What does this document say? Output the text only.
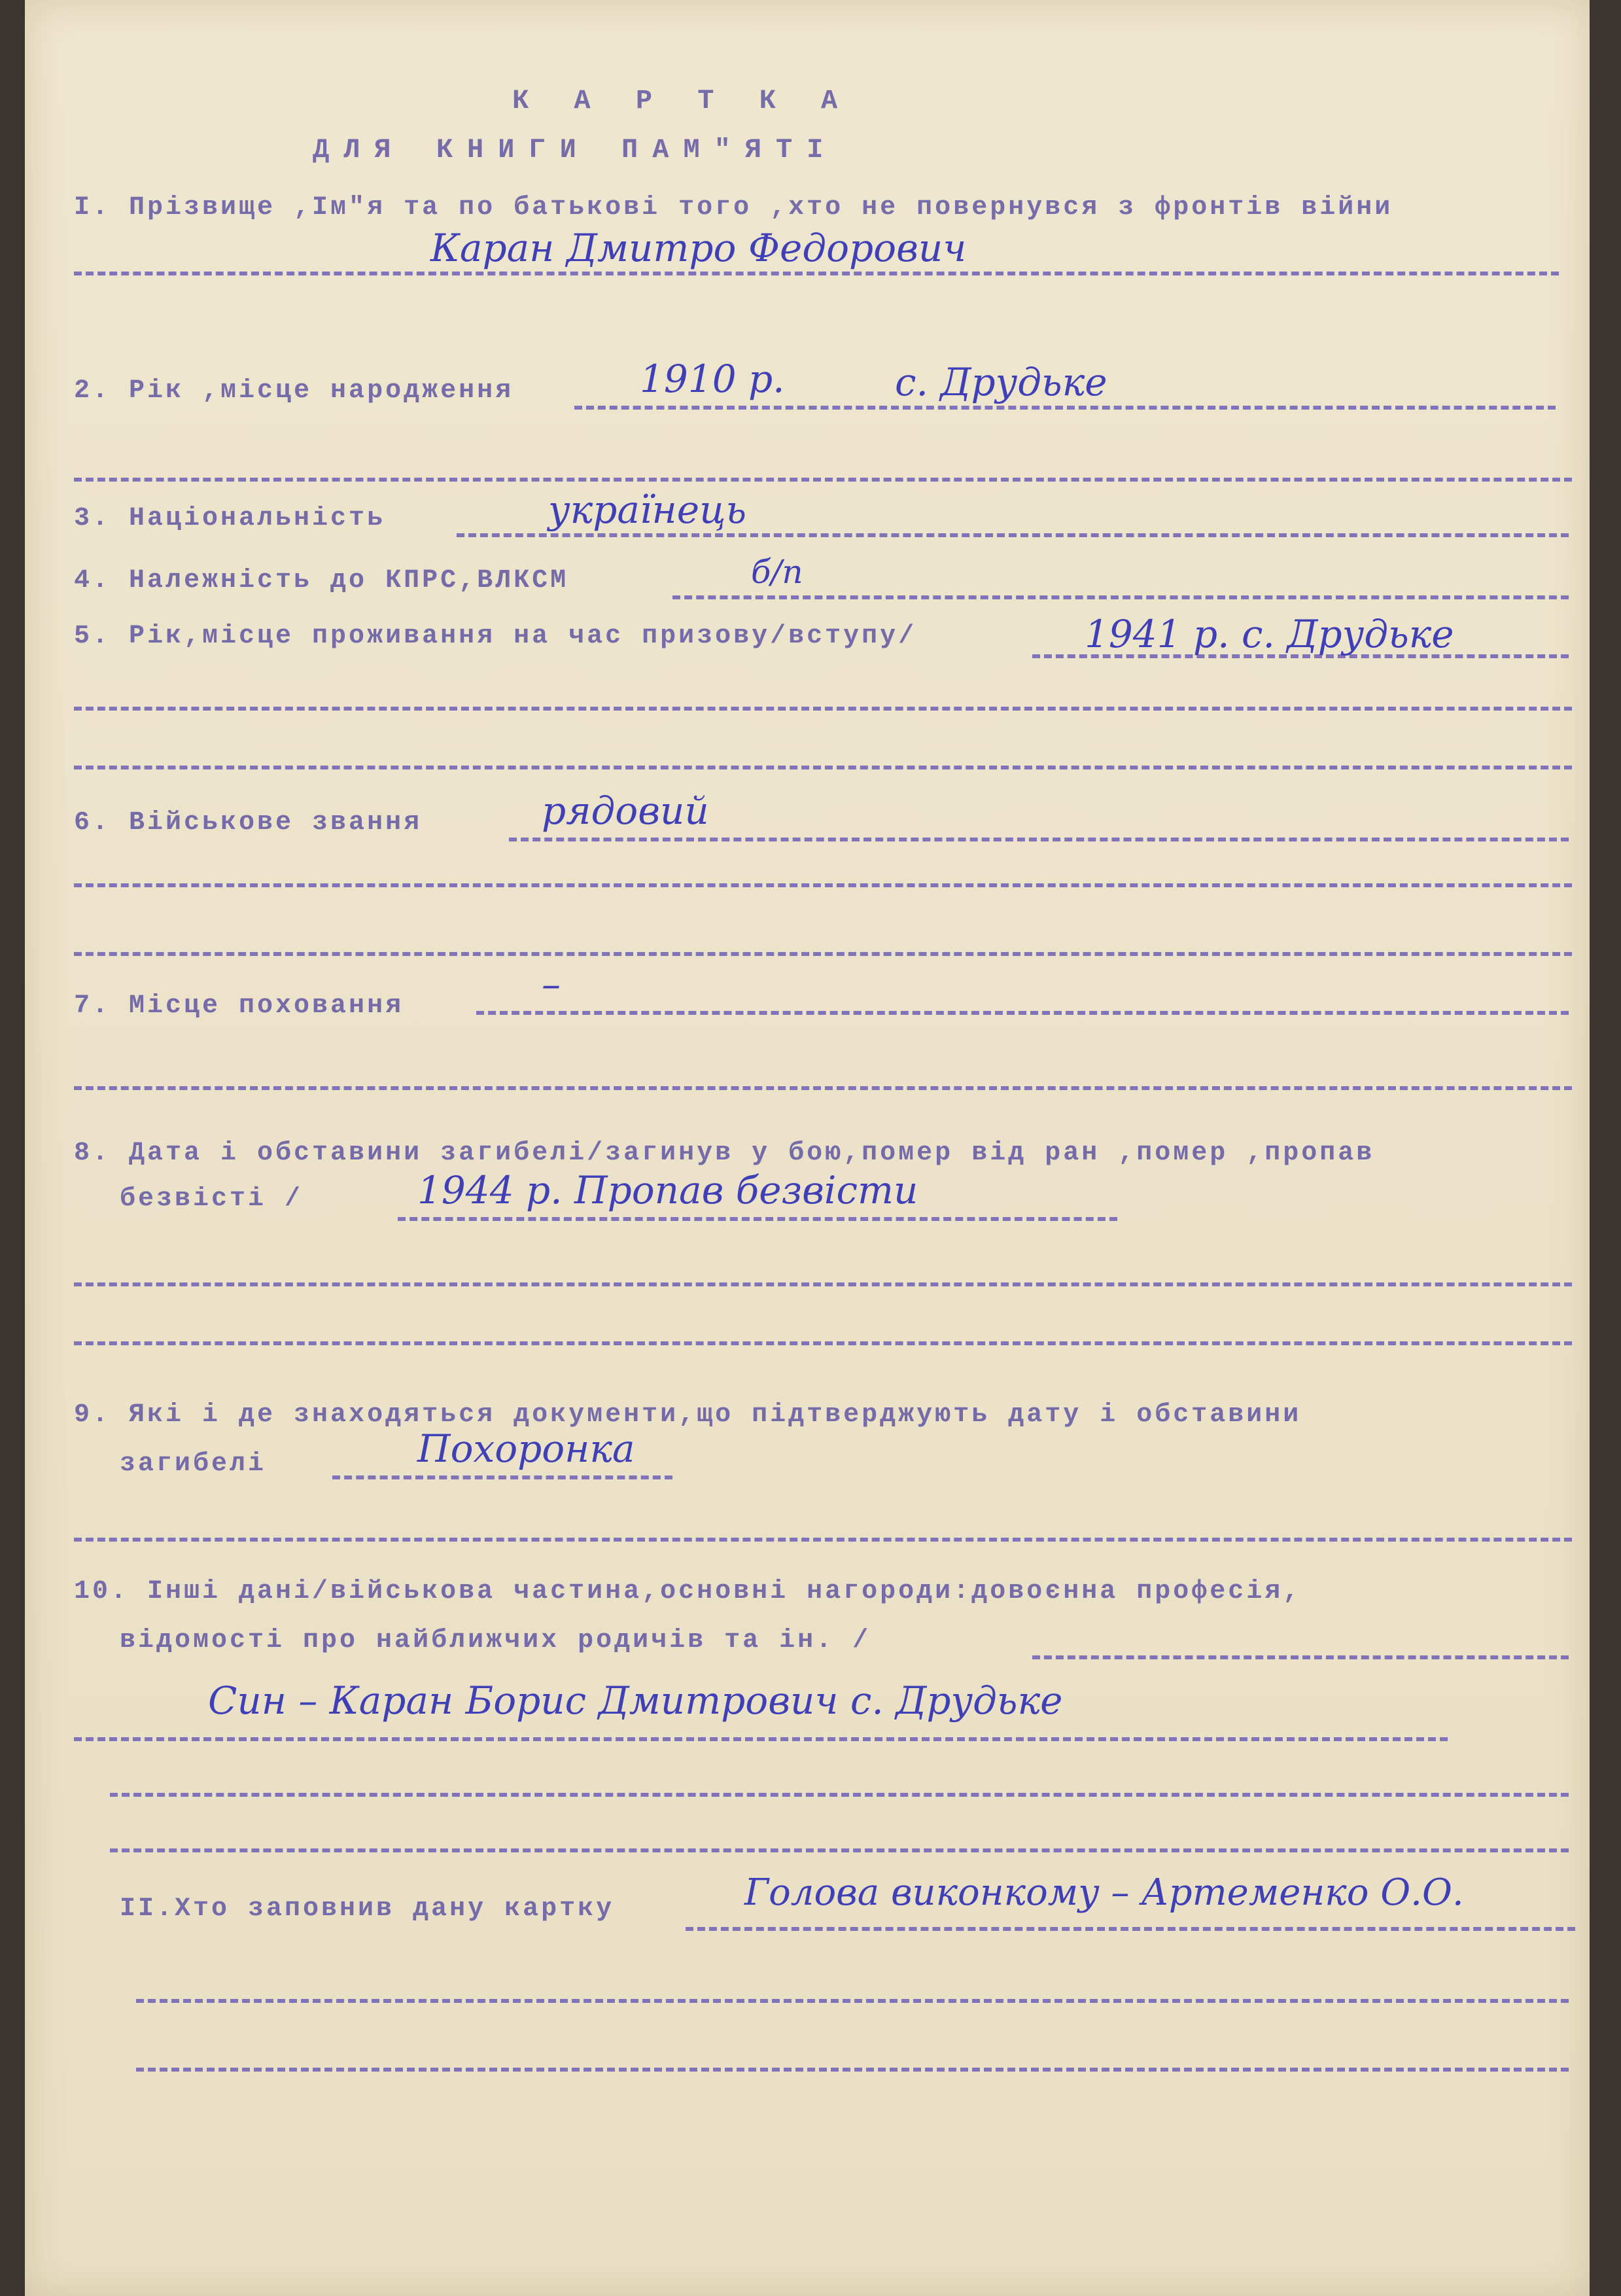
К А Р Т К А
ДЛЯ КНИГИ ПАМ"ЯТІ
І. Прізвище ,Ім"я та по батькові того ,хто не повернувся з фронтів війни
Каран Дмитро Федорович
2. Рік ,місце народження	1910 р.	с. Друдьке
3. Національність	українець
4. Належність до КПРС,ВЛКСМ	б/п
5. Рік,місце проживання на час призову/вступу/	1941 р. с. Друдьке
6. Військове звання	рядовий
7. Місце поховання	–
8. Дата і обставини загибелі/загинув у бою,помер від ран ,помер ,пропав
безвісті /	1944 р. Пропав безвісти
9. Які і де знаходяться документи,що підтверджують дату і обставини
загибелі	Похоронка
10. Інші дані/військова частина,основні нагороди:довоєнна професія,
відомості про найближчих родичів та ін. /
Син – Каран Борис Дмитрович с. Друдьке
ІІ.Хто заповнив дану картку	Голова виконкому – Артеменко О.О.
